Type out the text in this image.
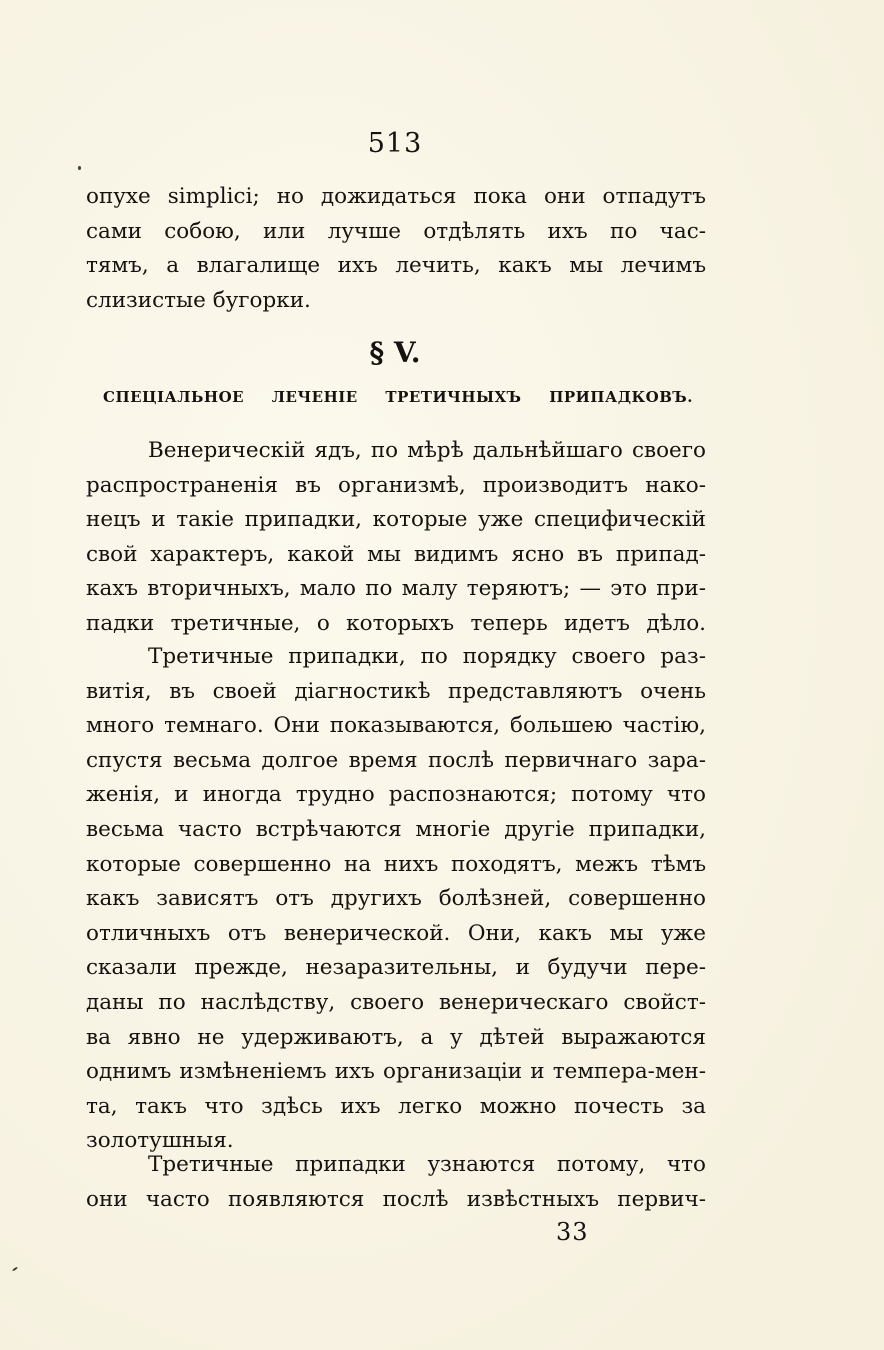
513
опухе simplici; но дожидаться пока они отпадутъ
сами собою, или лучше отдѣлять ихъ по час-
тямъ, а влагалище ихъ лечить, какъ мы лечимъ
слизистые бугорки.
§ V.
СПЕЦІАЛЬНОЕ ЛЕЧЕНІЕ ТРЕТИЧНЫХЪ ПРИПАДКОВЪ.
Венерическій ядъ, по мѣрѣ дальнѣйшаго своего
распространенія въ организмѣ, производитъ нако-
нецъ и такіе припадки, которые уже специфическій
свой характеръ, какой мы видимъ ясно въ припад-
кахъ вторичныхъ, мало по малу теряютъ; — это при-
падки третичные, о которыхъ теперь идетъ дѣло.
Третичные припадки, по порядку своего раз-
витія, въ своей діагностикѣ представляютъ очень
много темнаго. Они показываются, большею частію,
спустя весьма долгое время послѣ первичнаго зара-
женія, и иногда трудно распознаются; потому что
весьма часто встрѣчаются многіе другіе припадки,
которые совершенно на нихъ походятъ, межъ тѣмъ
какъ зависятъ отъ другихъ болѣзней, совершенно
отличныхъ отъ венерической. Они, какъ мы уже
сказали прежде, незаразительны, и будучи пере-
даны по наслѣдству, своего венерическаго свойст-
ва явно не удерживаютъ, а у дѣтей выражаются
однимъ измѣненіемъ ихъ организаціи и темпера-мен-
та, такъ что здѣсь ихъ легко можно почесть за
золотушныя.
Третичные припадки узнаются потому, что
они часто появляются послѣ извѣстныхъ первич-
33
